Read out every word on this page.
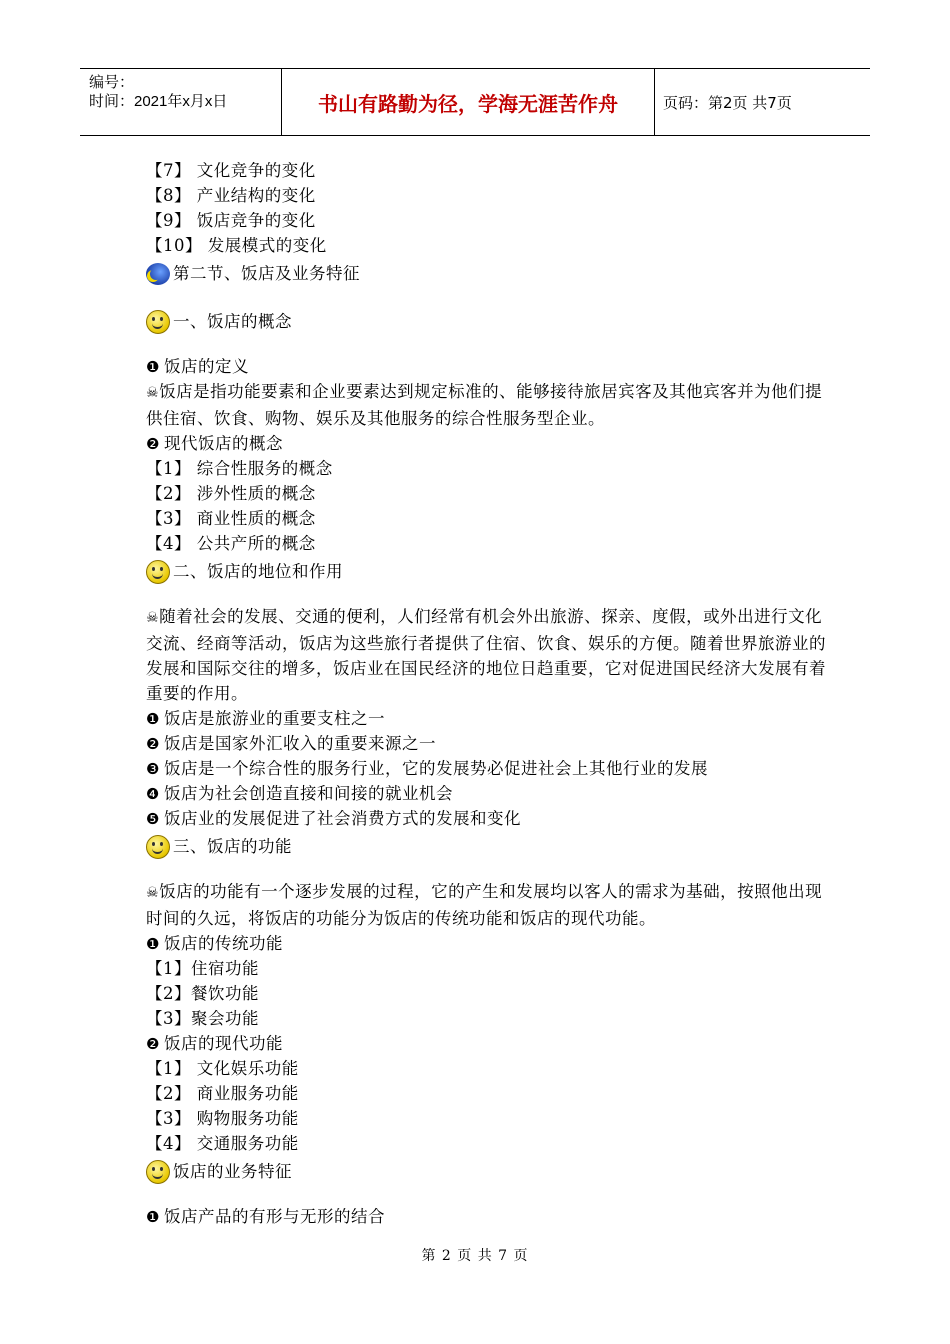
编号：
时间：2021年x月x日	书山有路勤为径，学海无涯苦作舟	页码：第2页 共7页
【7】 文化竞争的变化
【8】 产业结构的变化
【9】 饭店竞争的变化
【10】 发展模式的变化
第二节、饭店及业务特征
一、饭店的概念
❶ 饭店的定义
☠饭店是指功能要素和企业要素达到规定标准的、能够接待旅居宾客及其他宾客并为他们提供住宿、饮食、购物、娱乐及其他服务的综合性服务型企业。
❷ 现代饭店的概念
【1】 综合性服务的概念
【2】 涉外性质的概念
【3】 商业性质的概念
【4】 公共产所的概念
二、饭店的地位和作用
☠随着社会的发展、交通的便利，人们经常有机会外出旅游、探亲、度假，或外出进行文化交流、经商等活动，饭店为这些旅行者提供了住宿、饮食、娱乐的方便。随着世界旅游业的发展和国际交往的增多，饭店业在国民经济的地位日趋重要，它对促进国民经济大发展有着重要的作用。
❶ 饭店是旅游业的重要支柱之一
❷ 饭店是国家外汇收入的重要来源之一
❸ 饭店是一个综合性的服务行业，它的发展势必促进社会上其他行业的发展
❹ 饭店为社会创造直接和间接的就业机会
❺ 饭店业的发展促进了社会消费方式的发展和变化
三、饭店的功能
☠饭店的功能有一个逐步发展的过程，它的产生和发展均以客人的需求为基础，按照他出现时间的久远，将饭店的功能分为饭店的传统功能和饭店的现代功能。
❶ 饭店的传统功能
【1】住宿功能
【2】餐饮功能
【3】聚会功能
❷ 饭店的现代功能
【1】 文化娱乐功能
【2】 商业服务功能
【3】 购物服务功能
【4】 交通服务功能
饭店的业务特征
❶ 饭店产品的有形与无形的结合
第 2 页 共 7 页
